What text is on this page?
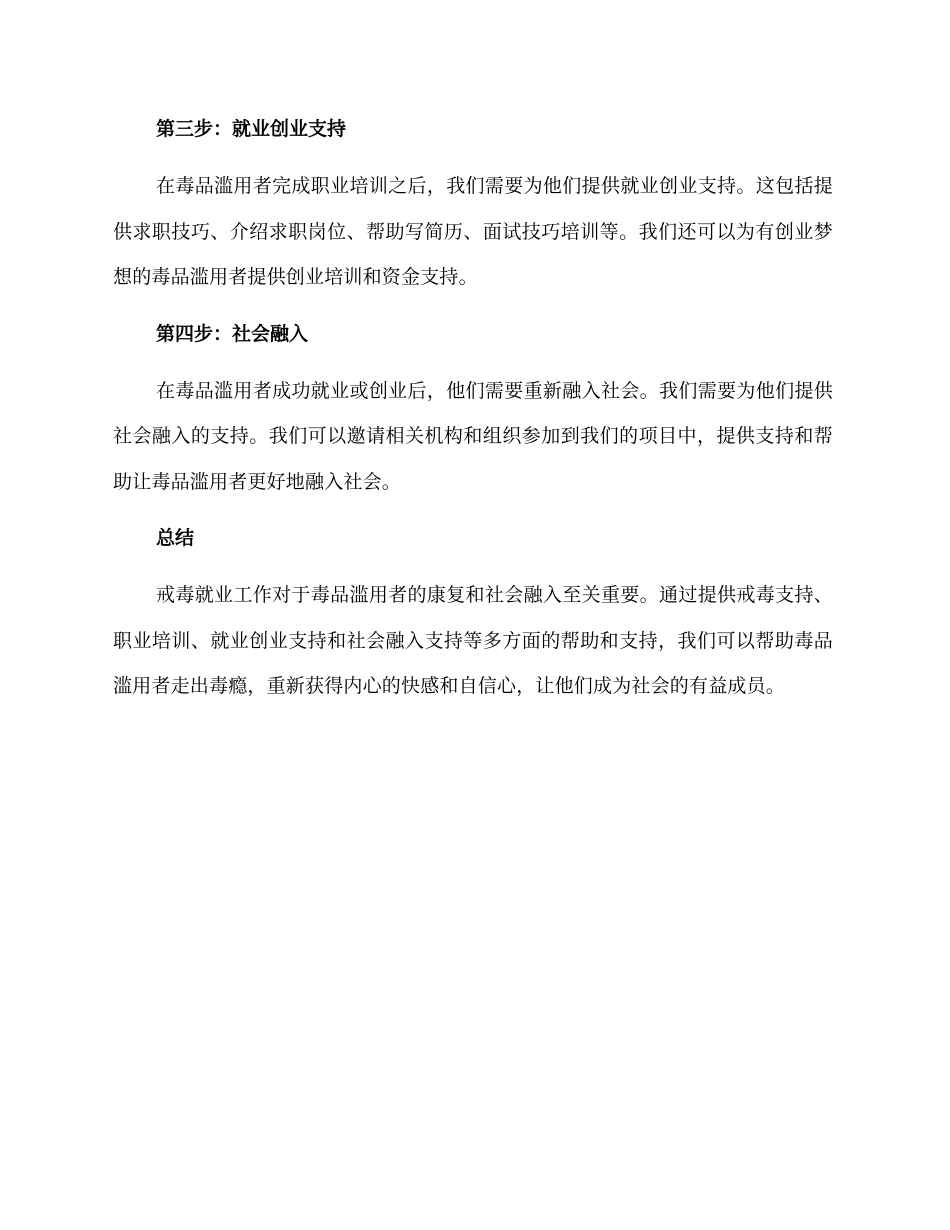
第三步：就业创业支持

在毒品滥用者完成职业培训之后，我们需要为他们提供就业创业支持。这包括提供求职技巧、介绍求职岗位、帮助写简历、面试技巧培训等。我们还可以为有创业梦想的毒品滥用者提供创业培训和资金支持。

第四步：社会融入

在毒品滥用者成功就业或创业后，他们需要重新融入社会。我们需要为他们提供社会融入的支持。我们可以邀请相关机构和组织参加到我们的项目中，提供支持和帮助让毒品滥用者更好地融入社会。

总结

戒毒就业工作对于毒品滥用者的康复和社会融入至关重要。通过提供戒毒支持、职业培训、就业创业支持和社会融入支持等多方面的帮助和支持，我们可以帮助毒品滥用者走出毒瘾，重新获得内心的快感和自信心，让他们成为社会的有益成员。
